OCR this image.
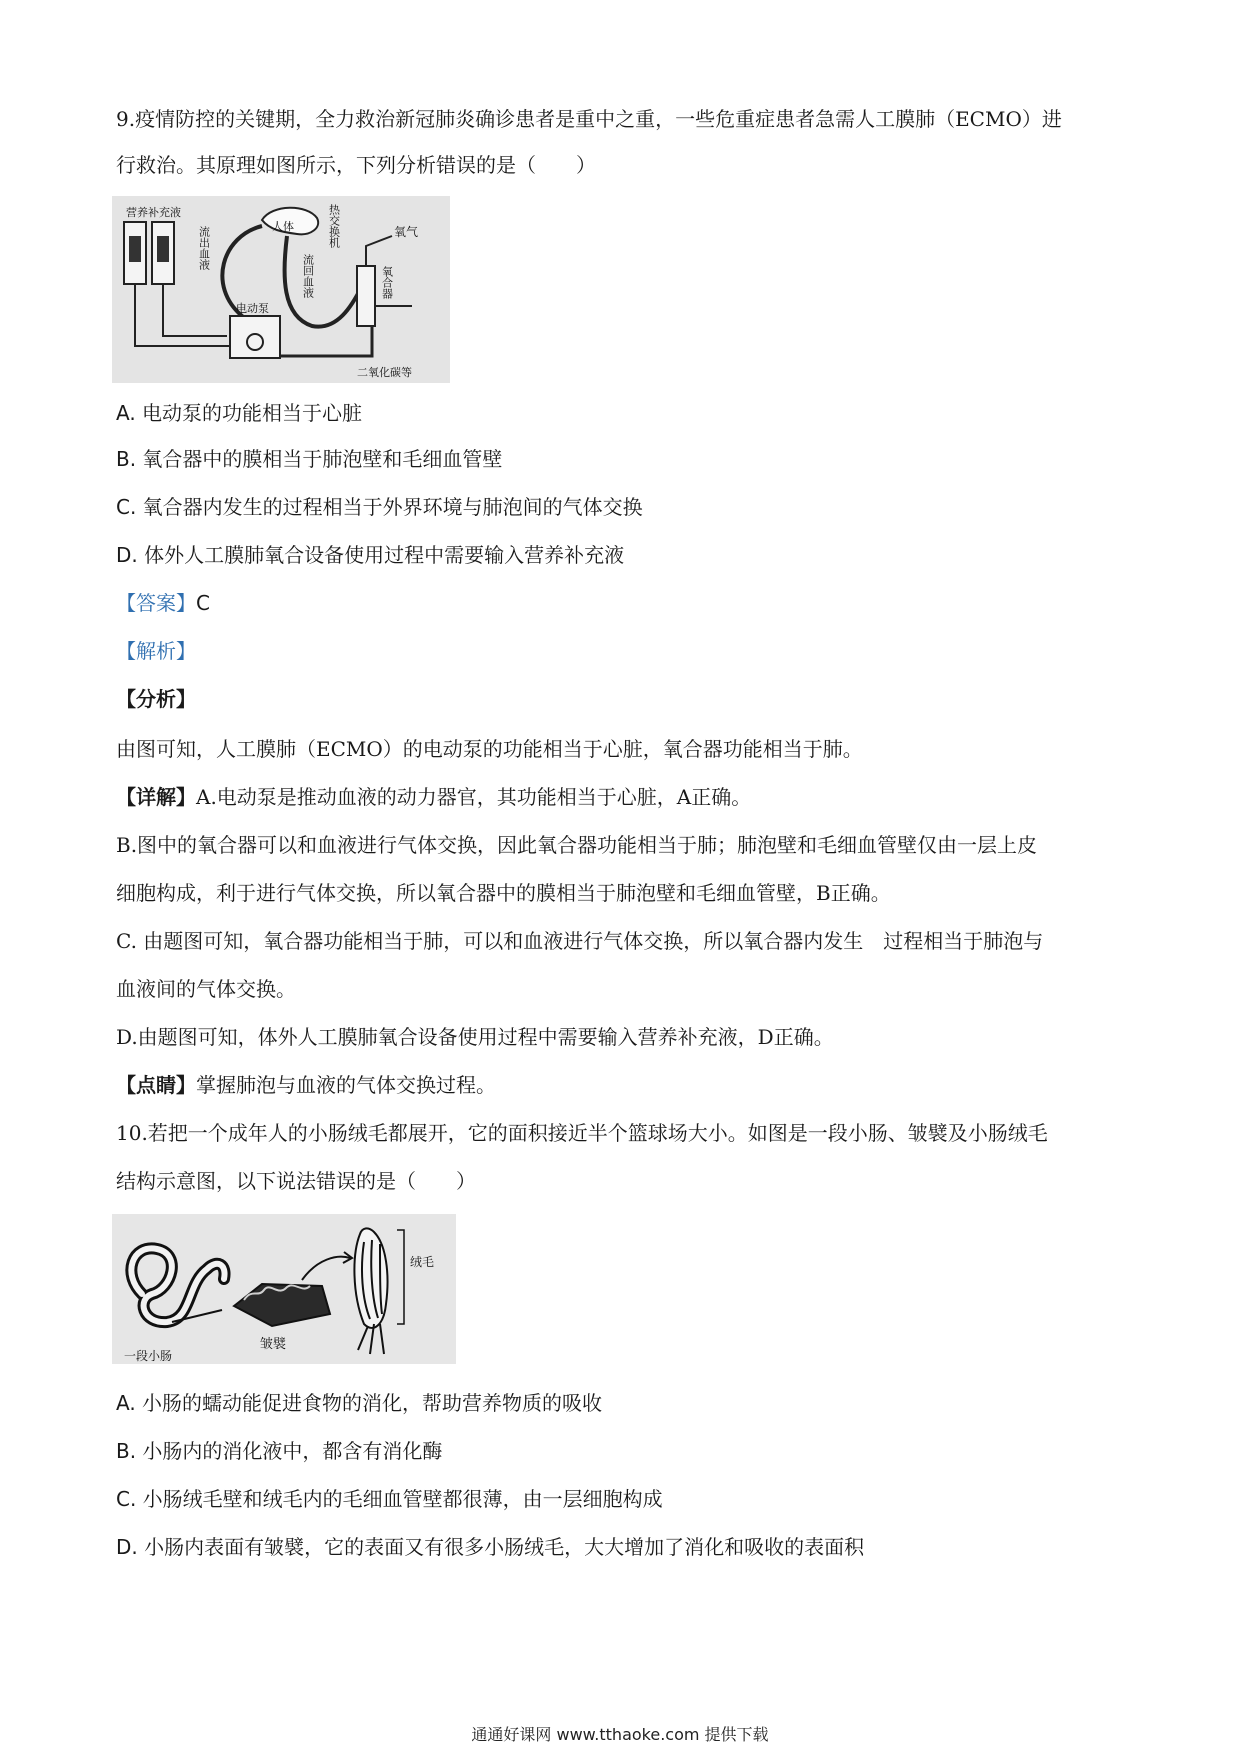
9.疫情防控的关键期，全力救治新冠肺炎确诊患者是重中之重，一些危重症患者急需人工膜肺（ECMO）进
行救治。其原理如图所示，下列分析错误的是（　　）
营养补充液
流出血液	人体	热交换机
流回血液
氧气
氧合器
电动泵
二氧化碳等
A. 电动泵的功能相当于心脏
B. 氧合器中的膜相当于肺泡壁和毛细血管壁
C. 氧合器内发生的过程相当于外界环境与肺泡间的气体交换
D. 体外人工膜肺氧合设备使用过程中需要输入营养补充液
【答案】C
【解析】
【分析】
由图可知，人工膜肺（ECMO）的电动泵的功能相当于心脏，氧合器功能相当于肺。
【详解】A.电动泵是推动血液的动力器官，其功能相当于心脏，A正确。
B.图中的氧合器可以和血液进行气体交换，因此氧合器功能相当于肺；肺泡壁和毛细血管壁仅由一层上皮
细胞构成，利于进行气体交换，所以氧合器中的膜相当于肺泡壁和毛细血管壁，B正确。
C. 由题图可知，氧合器功能相当于肺，可以和血液进行气体交换，所以氧合器内发生　过程相当于肺泡与
血液间的气体交换。
D.由题图可知，体外人工膜肺氧合设备使用过程中需要输入营养补充液，D正确。
【点睛】掌握肺泡与血液的气体交换过程。
10.若把一个成年人的小肠绒毛都展开，它的面积接近半个篮球场大小。如图是一段小肠、皱襞及小肠绒毛
结构示意图，以下说法错误的是（　　）
绒毛
皱襞
一段小肠
A. 小肠的蠕动能促进食物的消化，帮助营养物质的吸收
B. 小肠内的消化液中，都含有消化酶
C. 小肠绒毛壁和绒毛内的毛细血管壁都很薄，由一层细胞构成
D. 小肠内表面有皱襞，它的表面又有很多小肠绒毛，大大增加了消化和吸收的表面积
通通好课网 www.tthaoke.com 提供下载
